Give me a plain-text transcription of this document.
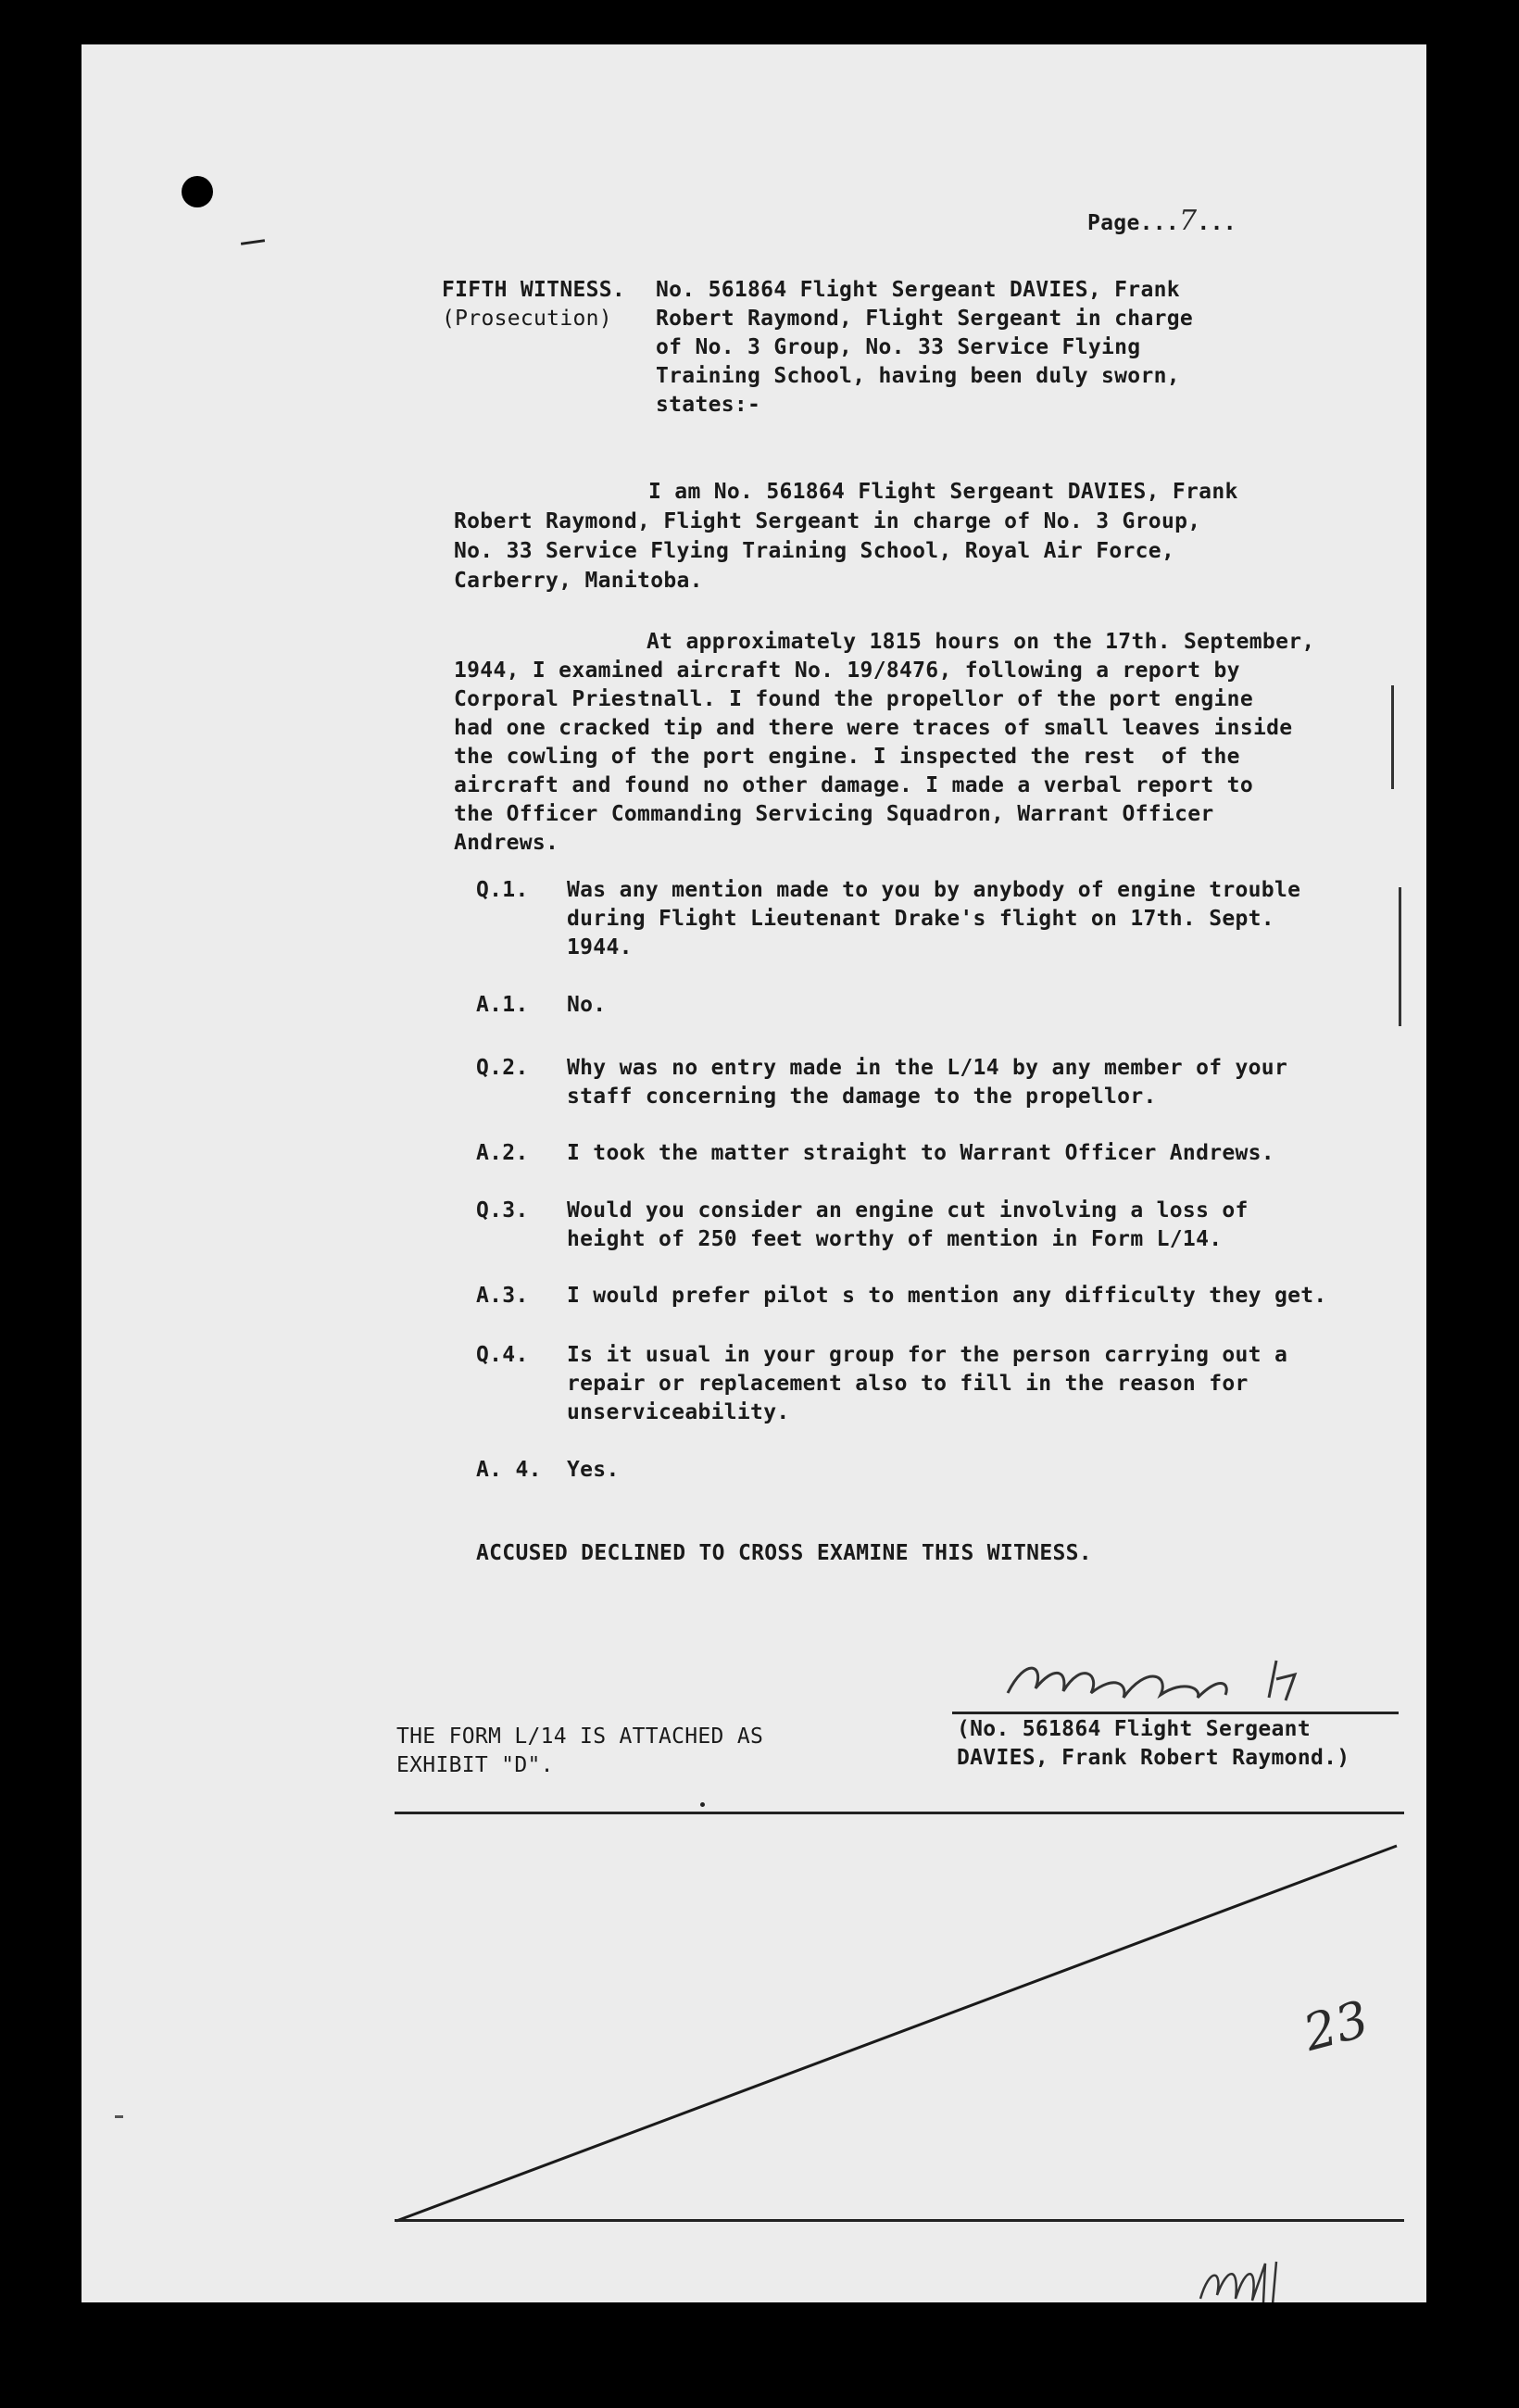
Page...7...
FIFTH WITNESS.
(Prosecution)
No. 561864 Flight Sergeant DAVIES, Frank
Robert Raymond, Flight Sergeant in charge
of No. 3 Group, No. 33 Service Flying
Training School, having been duly sworn,
states:-
I am No. 561864 Flight Sergeant DAVIES, Frank
Robert Raymond, Flight Sergeant in charge of No. 3 Group,
No. 33 Service Flying Training School, Royal Air Force,
Carberry, Manitoba.
At approximately 1815 hours on the 17th. September,
1944, I examined aircraft No. 19/8476, following a report by
Corporal Priestnall. I found the propellor of the port engine
had one cracked tip and there were traces of small leaves inside
the cowling of the port engine. I inspected the rest  of the
aircraft and found no other damage. I made a verbal report to
the Officer Commanding Servicing Squadron, Warrant Officer
Andrews.
Q.1. Was any mention made to you by anybody of engine trouble
during Flight Lieutenant Drake's flight on 17th. Sept.
1944.
A.1. No.
Q.2. Why was no entry made in the L/14 by any member of your
staff concerning the damage to the propellor.
A.2. I took the matter straight to Warrant Officer Andrews.
Q.3. Would you consider an engine cut involving a loss of
height of 250 feet worthy of mention in Form L/14.
A.3. I would prefer pilot s to mention any difficulty they get.
Q.4. Is it usual in your group for the person carrying out a
repair or replacement also to fill in the reason for
unserviceability.
A. 4. Yes.
ACCUSED DECLINED TO CROSS EXAMINE THIS WITNESS.
THE FORM L/14 IS ATTACHED AS
EXHIBIT "D".
(No. 561864 Flight Sergeant
DAVIES, Frank Robert Raymond.)
23
